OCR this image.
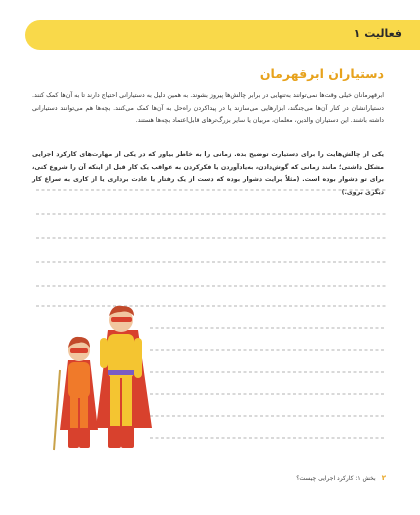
فعالیت ۱
دستیاران ابرقهرمان

ابرقهرمانان خیلی وقت‌ها نمی‌توانند به‌تنهایی در برابر چالش‌ها پیروز بشوند. به همین دلیل به دستیارانی احتیاج دارند تا به آن‌ها کمک کنند. دستیارانشان در کنار آن‌ها می‌جنگند، ابزارهایی می‌سازند یا در پیدا‌کردن راه‌حل به آن‌ها کمک می‌کنند. بچه‌ها هم می‌توانند دستیارانی داشته باشند. این دستیاران والدین، معلمان، مربیان یا سایر بزرگ‌ترهای قابل‌اعتماد بچه‌ها هستند.

یکی از چالش‌هایت را برای دستیارت توضیح بده. زمانی را به خاطر بیاور که در یکی از مهارت‌های کارکرد اجرایی مشکل داشتی؛ مانند زمانی که گوش‌دادن، به‌یادآوردن یا فکرکردن به عواقب یک کار قبل از اینکه آن را شروع کنی، برای تو دشوار بوده است. (مثلاً برایت دشوار بوده که دست از یک رفتار یا عادت برداری یا از کاری به سراغ کار دیگری بروی.)

۲
بخش ۱: کارکرد اجرایی چیست؟
